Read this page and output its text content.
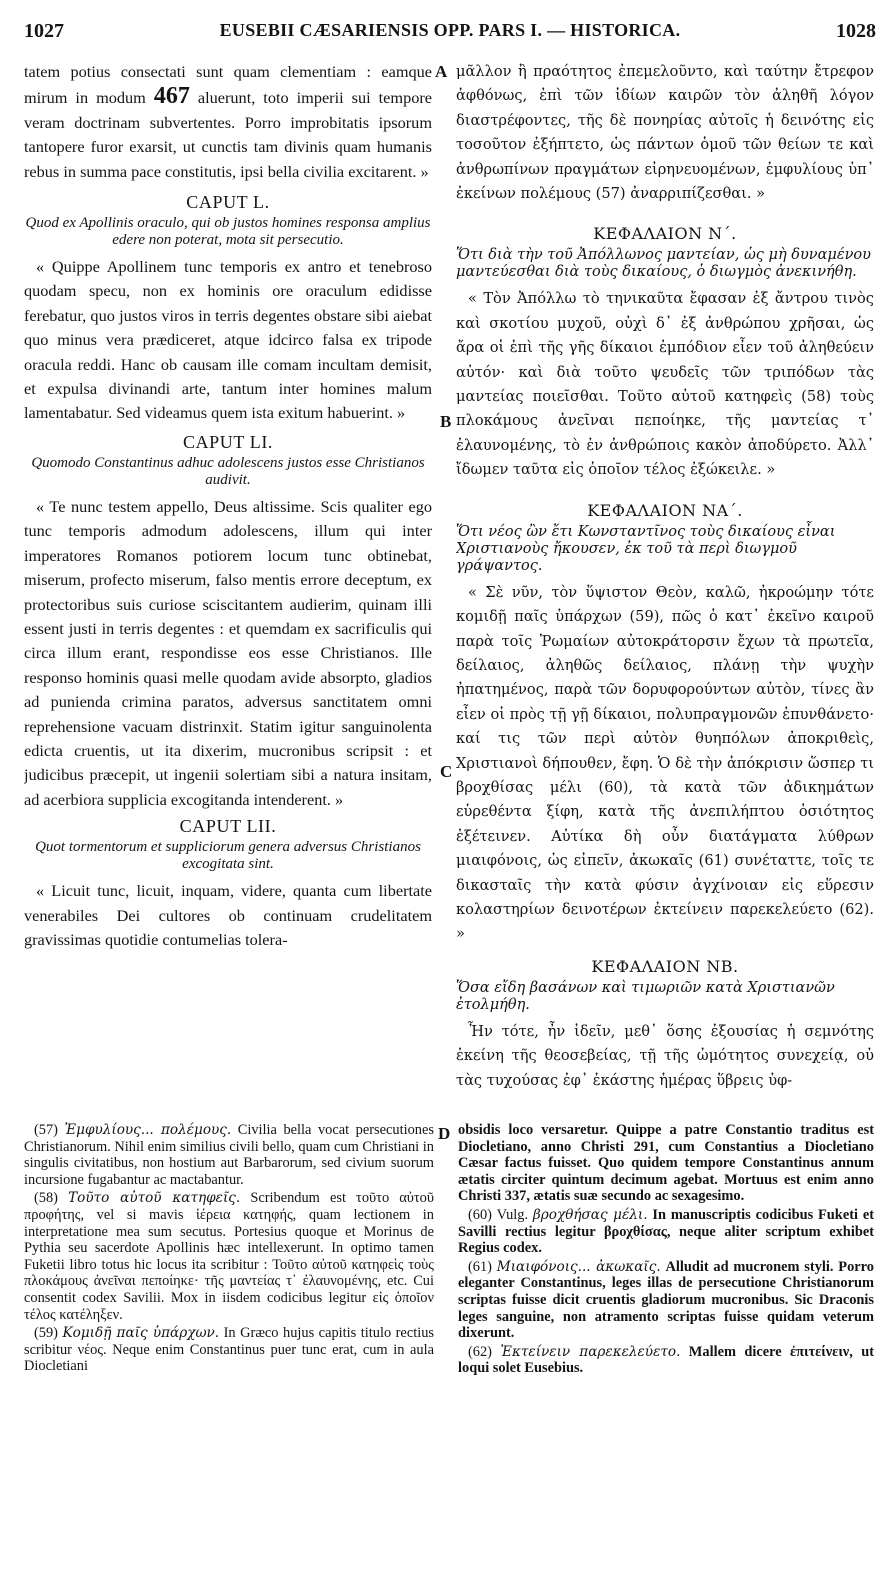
1027	EUSEBII CÆSARIENSIS OPP. PARS I. — HISTORICA.	1028
A
B
C
D

tatem potius consectati sunt quam clementiam : eamque mirum in modum 467 aluerunt, toto imperii sui tempore veram doctrinam subvertentes. Porro improbitatis ipsorum tantopere furor exarsit, ut cunctis tam divinis quam humanis rebus in summa pace constitutis, ipsi bella civilia excitarent. »

CAPUT L.
Quod ex Apollinis oraculo, qui ob justos homines responsa amplius edere non poterat, mota sit persecutio.

« Quippe Apollinem tunc temporis ex antro et tenebroso quodam specu, non ex hominis ore oraculum edidisse ferebatur, quo justos viros in terris degentes obstare sibi aiebat quo minus vera prædiceret, atque idcirco falsa ex tripode oracula reddi. Hanc ob causam ille comam incultam demisit, et expulsa divinandi arte, tantum inter homines malum lamentabatur. Sed videamus quem ista exitum habuerint. »

CAPUT LI.
Quomodo Constantinus adhuc adolescens justos esse Christianos audivit.

« Te nunc testem appello, Deus altissime. Scis qualiter ego tunc temporis admodum adolescens, illum qui inter imperatores Romanos potiorem locum tunc obtinebat, miserum, profecto miserum, falso mentis errore deceptum, ex protectoribus suis curiose sciscitantem audierim, quinam illi essent justi in terris degentes : et quemdam ex sacrificulis qui circa illum erant, respondisse eos esse Christianos. Ille responso hominis quasi melle quodam avide absorpto, gladios ad punienda crimina paratos, adversus sanctitatem omni reprehensione vacuam distrinxit. Statim igitur sanguinolenta edicta cruentis, ut ita dixerim, mucronibus scripsit : et judicibus præcepit, ut ingenii solertiam sibi a natura insitam, ad acerbiora supplicia excogitanda intenderent. »

CAPUT LII.
Quot tormentorum et suppliciorum genera adversus Christianos excogitata sint.

« Licuit tunc, licuit, inquam, videre, quanta cum libertate venerabiles Dei cultores ob continuam crudelitatem gravissimas quotidie contumelias tolera-

μᾶλλον ἢ πραότητος ἐπεμελοῦντο, καὶ ταύτην ἔτρεφον ἀφθόνως, ἐπὶ τῶν ἰδίων καιρῶν τὸν ἀληθῆ λόγον διαστρέφοντες, τῆς δὲ πονηρίας αὐτοῖς ἡ δεινότης εἰς τοσοῦτον ἐξήπτετο, ὡς πάντων ὁμοῦ τῶν θείων τε καὶ ἀνθρωπίνων πραγμάτων εἰρηνευομένων, ἐμφυλίους ὑπ᾽ ἐκείνων πολέμους (57) ἀναρριπίζεσθαι. »

ΚΕΦΑΛΑΙΟΝ Ν´.
Ὅτι διὰ τὴν τοῦ Ἀπόλλωνος μαντείαν, ὡς μὴ δυναμένου μαντεύεσθαι διὰ τοὺς δικαίους, ὁ διωγμὸς ἀνεκινήθη.

« Τὸν Ἀπόλλω τὸ τηνικαῦτα ἔφασαν ἐξ ἄντρου τινὸς καὶ σκοτίου μυχοῦ, οὐχὶ δ᾽ ἐξ ἀνθρώπου χρῆσαι, ὡς ἄρα οἱ ἐπὶ τῆς γῆς δίκαιοι ἐμπόδιον εἶεν τοῦ ἀληθεύειν αὐτόν· καὶ διὰ τοῦτο ψευδεῖς τῶν τριπόδων τὰς μαντείας ποιεῖσθαι. Τοῦτο αὐτοῦ κατηφεὶς (58) τοὺς πλοκάμους ἀνεῖναι πεποίηκε, τῆς μαντείας τ᾽ ἐλαυνομένης, τὸ ἐν ἀνθρώποις κακὸν ἀποδύρετο. Ἀλλ᾽ ἴδωμεν ταῦτα εἰς ὁποῖον τέλος ἐξώκειλε. »

ΚΕΦΑΛΑΙΟΝ ΝΑ´.
Ὅτι νέος ὢν ἔτι Κωνσταντῖνος τοὺς δικαίους εἶναι Χριστιανοὺς ἤκουσεν, ἐκ τοῦ τὰ περὶ διωγμοῦ γράψαντος.

« Σὲ νῦν, τὸν ὕψιστον Θεὸν, καλῶ, ἠκροώμην τότε κομιδῇ παῖς ὑπάρχων (59), πῶς ὁ κατ᾽ ἐκεῖνο καιροῦ παρὰ τοῖς Ῥωμαίων αὐτοκράτορσιν ἔχων τὰ πρωτεῖα, δείλαιος, ἀληθῶς δείλαιος, πλάνῃ τὴν ψυχὴν ἠπατημένος, παρὰ τῶν δορυφορούντων αὐτὸν, τίνες ἂν εἶεν οἱ πρὸς τῇ γῇ δίκαιοι, πολυπραγμονῶν ἐπυνθάνετο· καί τις τῶν περὶ αὐτὸν θυηπόλων ἀποκριθεὶς, Χριστιανοὶ δήπουθεν, ἔφη. Ὁ δὲ τὴν ἀπόκρισιν ὥσπερ τι βροχθίσας μέλι (60), τὰ κατὰ τῶν ἀδικημάτων εὑρεθέντα ξίφη, κατὰ τῆς ἀνεπιλήπτου ὁσιότητος ἐξέτεινεν. Αὐτίκα δὴ οὖν διατάγματα λύθρων μιαιφόνοις, ὡς εἰπεῖν, ἀκωκαῖς (61) συνέταττε, τοῖς τε δικασταῖς τὴν κατὰ φύσιν ἀγχίνοιαν εἰς εὕρεσιν κολαστηρίων δεινοτέρων ἐκτείνειν παρεκελεύετο (62). »

ΚΕΦΑΛΑΙΟΝ ΝΒ.
Ὅσα εἴδη βασάνων καὶ τιμωριῶν κατὰ Χριστιανῶν ἐτολμήθη.

Ἦν τότε, ἦν ἰδεῖν, μεθ᾽ ὅσης ἐξουσίας ἡ σεμνότης ἐκείνη τῆς θεοσεβείας, τῇ τῆς ὠμότητος συνεχείᾳ, οὐ τὰς τυχούσας ἐφ᾽ ἑκάστης ἡμέρας ὕβρεις ὑφ-

(57) Ἐμφυλίους... πολέμους. Civilia bella vocat persecutiones Christianorum. Nihil enim similius civili bello, quam cum Christiani in singulis civitatibus, non hostium aut Barbarorum, sed civium suorum incursione fugabantur ac mactabantur.

(58) Τοῦτο αὐτοῦ κατηφεῖς. Scribendum est τοῦτο αὐτοῦ προφήτης, vel si mavis ἱέρεια κατηφής, quam lectionem in interpretatione mea sum secutus. Portesius quoque et Morinus de Pythia seu sacerdote Apollinis hæc intellexerunt. In optimo tamen Fuketii libro totus hic locus ita scribitur : Τοῦτο αὐτοῦ κατηφεὶς τοὺς πλοκάμους ἀνεῖναι πεποίηκε· τῆς μαντείας τ᾽ ἐλαυνομένης, etc. Cui consentit codex Savilii. Mox in iisdem codicibus legitur εἰς ὁποῖον τέλος κατέληξεν.

(59) Κομιδῇ παῖς ὑπάρχων. In Græco hujus capitis titulo rectius scribitur νέος. Neque enim Constantinus puer tunc erat, cum in aula Diocletiani

obsidis loco versaretur. Quippe a patre Constantio traditus est Diocletiano, anno Christi 291, cum Constantius a Diocletiano Cæsar factus fuisset. Quo quidem tempore Constantinus annum ætatis circiter quintum decimum agebat. Mortuus est enim anno Christi 337, ætatis suæ secundo ac sexagesimo.

(60) Vulg. βροχθήσας μέλι. In manuscriptis codicibus Fuketi et Savilli rectius legitur βροχθίσας, neque aliter scriptum exhibet Regius codex.

(61) Μιαιφόνοις... ἀκωκαῖς. Alludit ad mucronem styli. Porro eleganter Constantinus, leges illas de persecutione Christianorum scriptas fuisse dicit cruentis gladiorum mucronibus. Sic Draconis leges sanguine, non atramento scriptas fuisse quidam veterum dixerunt.

(62) Ἐκτείνειν παρεκελεύετο. Mallem dicere ἐπιτείνειν, ut loqui solet Eusebius.
